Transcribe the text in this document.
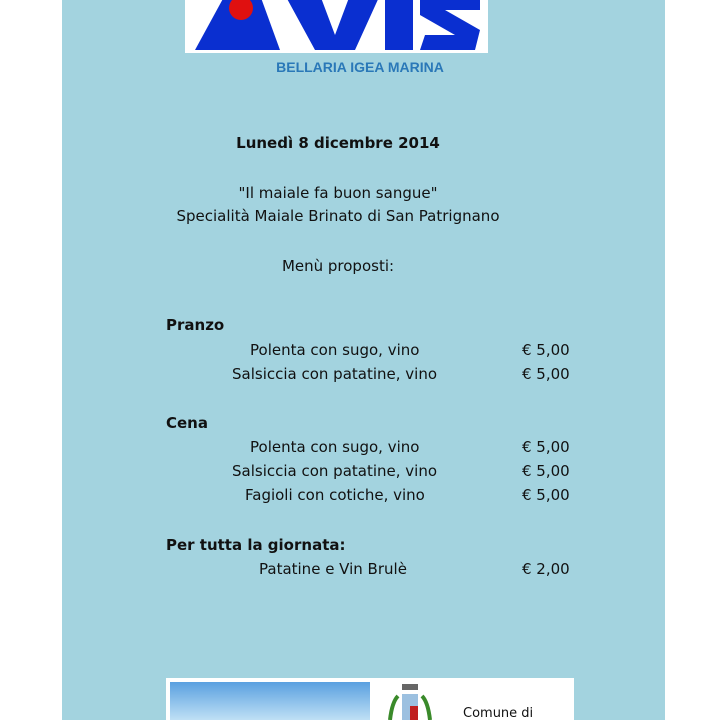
BELLARIA IGEA MARINA
Lunedì 8 dicembre 2014
"Il maiale fa buon sangue"
Specialità Maiale Brinato di San Patrignano
Menù proposti:
Pranzo
Polenta con sugo, vino	€ 5,00
Salsiccia con patatine, vino	€ 5,00
Cena
Polenta con sugo, vino	€ 5,00
Salsiccia con patatine, vino	€ 5,00
Fagioli con cotiche, vino	€ 5,00
Per tutta la giornata:
Patatine e Vin Brulè	€ 2,00
Comune di
